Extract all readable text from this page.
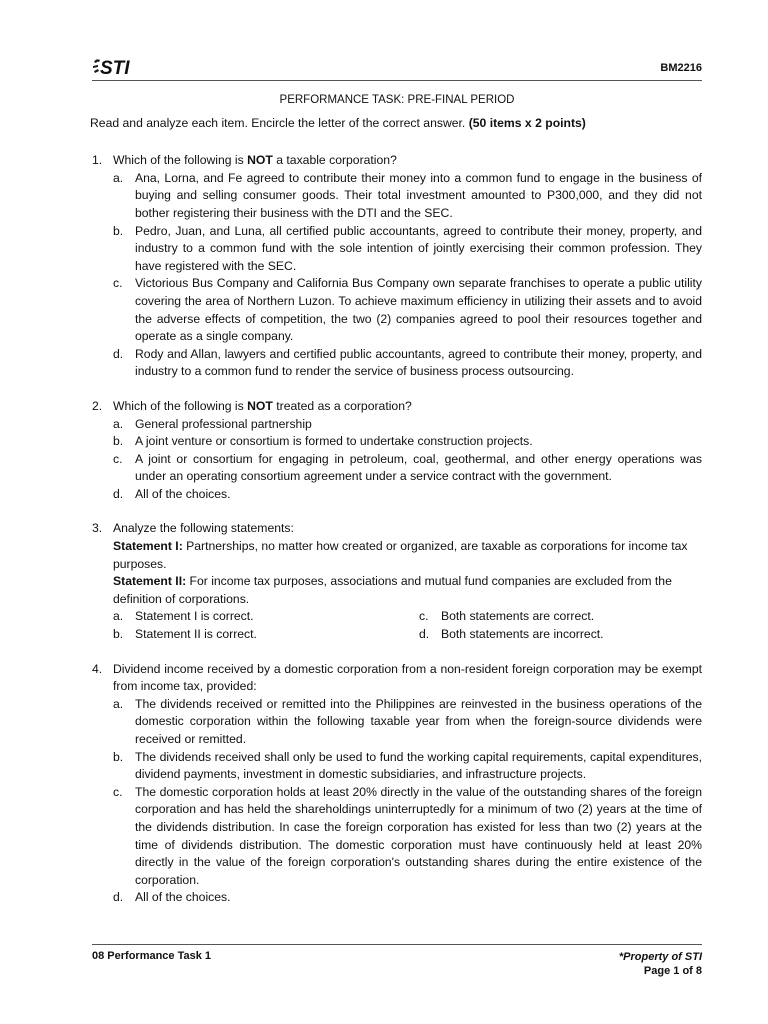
STI	BM2216
PERFORMANCE TASK: PRE-FINAL PERIOD
Read and analyze each item. Encircle the letter of the correct answer. (50 items x 2 points)
1. Which of the following is NOT a taxable corporation?
a. Ana, Lorna, and Fe agreed to contribute their money into a common fund to engage in the business of buying and selling consumer goods. Their total investment amounted to P300,000, and they did not bother registering their business with the DTI and the SEC.
b. Pedro, Juan, and Luna, all certified public accountants, agreed to contribute their money, property, and industry to a common fund with the sole intention of jointly exercising their common profession. They have registered with the SEC.
c. Victorious Bus Company and California Bus Company own separate franchises to operate a public utility covering the area of Northern Luzon. To achieve maximum efficiency in utilizing their assets and to avoid the adverse effects of competition, the two (2) companies agreed to pool their resources together and operate as a single company.
d. Rody and Allan, lawyers and certified public accountants, agreed to contribute their money, property, and industry to a common fund to render the service of business process outsourcing.
2. Which of the following is NOT treated as a corporation?
a. General professional partnership
b. A joint venture or consortium is formed to undertake construction projects.
c. A joint or consortium for engaging in petroleum, coal, geothermal, and other energy operations was under an operating consortium agreement under a service contract with the government.
d. All of the choices.
3. Analyze the following statements:
Statement I: Partnerships, no matter how created or organized, are taxable as corporations for income tax purposes.
Statement II: For income tax purposes, associations and mutual fund companies are excluded from the definition of corporations.
a. Statement I is correct.	c. Both statements are correct.
b. Statement II is correct.	d. Both statements are incorrect.
4. Dividend income received by a domestic corporation from a non-resident foreign corporation may be exempt from income tax, provided:
a. The dividends received or remitted into the Philippines are reinvested in the business operations of the domestic corporation within the following taxable year from when the foreign-source dividends were received or remitted.
b. The dividends received shall only be used to fund the working capital requirements, capital expenditures, dividend payments, investment in domestic subsidiaries, and infrastructure projects.
c. The domestic corporation holds at least 20% directly in the value of the outstanding shares of the foreign corporation and has held the shareholdings uninterruptedly for a minimum of two (2) years at the time of the dividends distribution. In case the foreign corporation has existed for less than two (2) years at the time of dividends distribution. The domestic corporation must have continuously held at least 20% directly in the value of the foreign corporation's outstanding shares during the entire existence of the corporation.
d. All of the choices.
08 Performance Task 1	*Property of STI
Page 1 of 8
